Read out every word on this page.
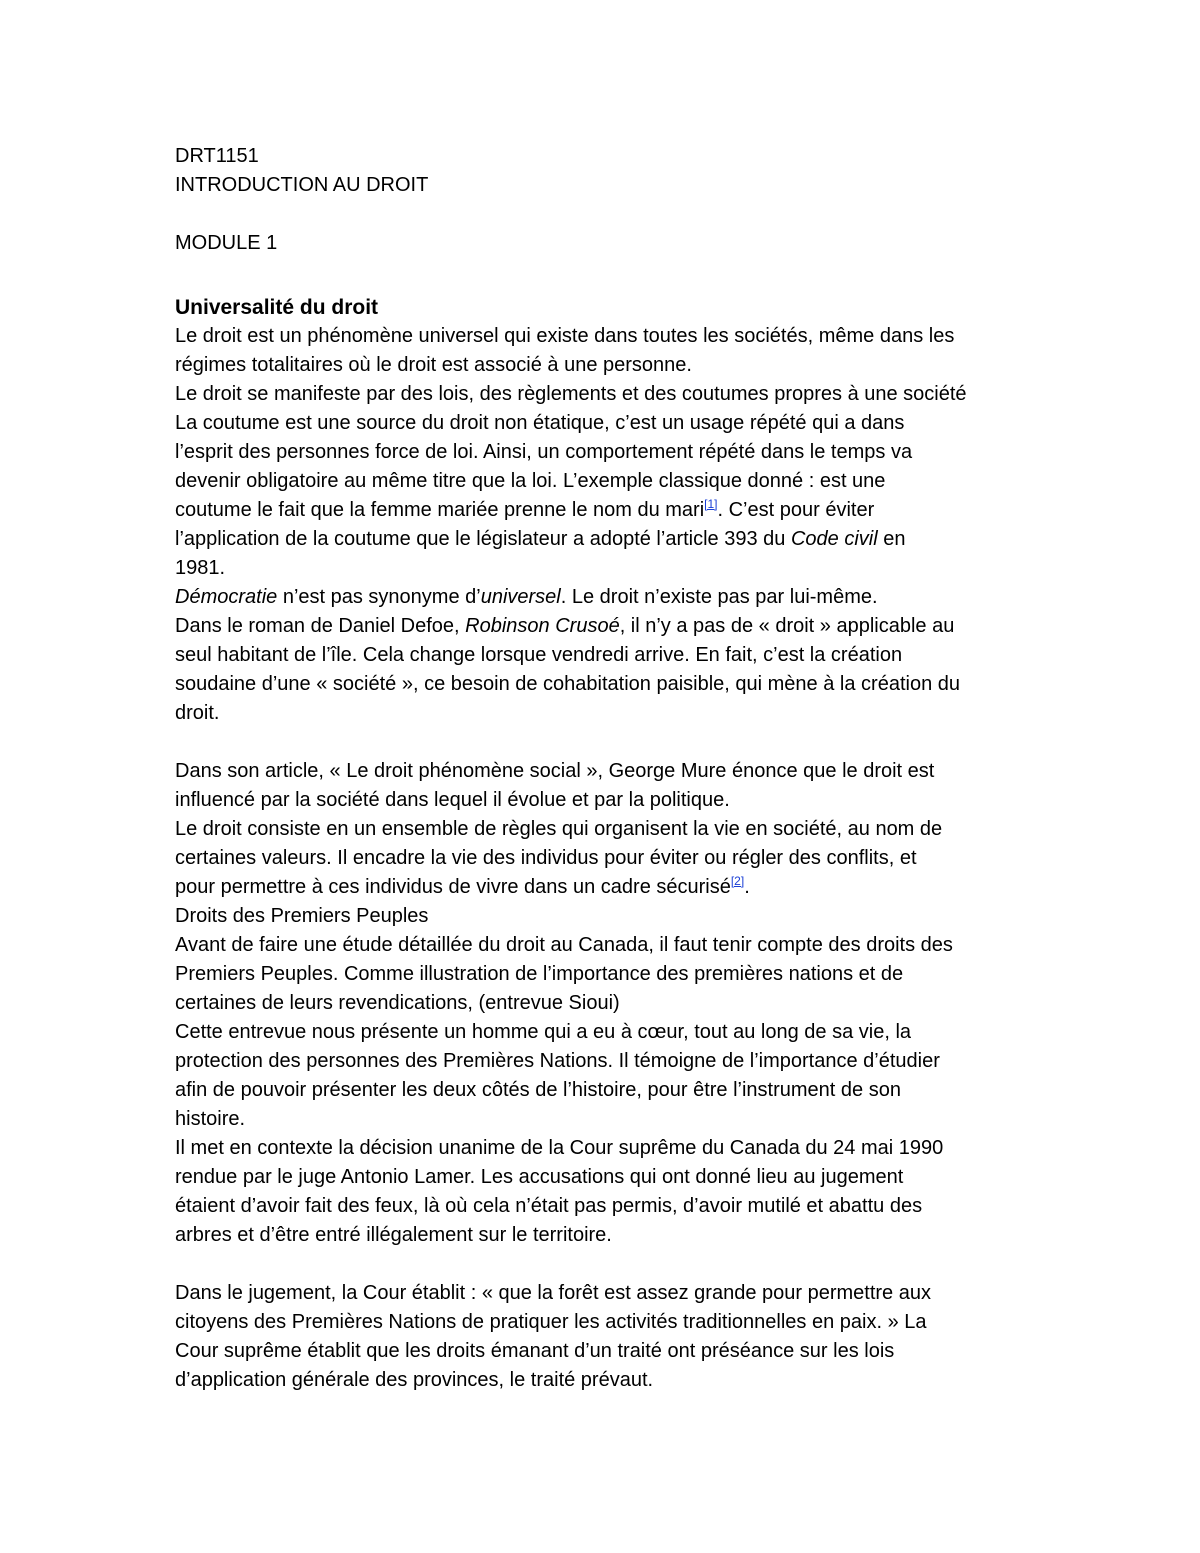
DRT1151
INTRODUCTION AU DROIT
MODULE 1
Universalité du droit
Le droit est un phénomène universel qui existe dans toutes les sociétés, même dans les
régimes totalitaires où le droit est associé à une personne.
Le droit se manifeste par des lois, des règlements et des coutumes propres à une société
La coutume est une source du droit non étatique, c’est un usage répété qui a dans
l’esprit des personnes force de loi. Ainsi, un comportement répété dans le temps va
devenir obligatoire au même titre que la loi. L’exemple classique donné : est une
coutume le fait que la femme mariée prenne le nom du mari[1]. C’est pour éviter
l’application de la coutume que le législateur a adopté l’article 393 du Code civil en
1981.
Démocratie n’est pas synonyme d’universel. Le droit n’existe pas par lui-même.
Dans le roman de Daniel Defoe, Robinson Crusoé, il n’y a pas de « droit » applicable au
seul habitant de l’île. Cela change lorsque vendredi arrive. En fait, c’est la création
soudaine d’une « société », ce besoin de cohabitation paisible, qui mène à la création du
droit.
Dans son article, « Le droit phénomène social », George Mure énonce que le droit est
influencé par la société dans lequel il évolue et par la politique.
Le droit consiste en un ensemble de règles qui organisent la vie en société, au nom de
certaines valeurs. Il encadre la vie des individus pour éviter ou régler des conflits, et
pour permettre à ces individus de vivre dans un cadre sécurisé[2].
Droits des Premiers Peuples
Avant de faire une étude détaillée du droit au Canada, il faut tenir compte des droits des
Premiers Peuples. Comme illustration de l’importance des premières nations et de
certaines de leurs revendications, (entrevue Sioui)
Cette entrevue nous présente un homme qui a eu à cœur, tout au long de sa vie, la
protection des personnes des Premières Nations. Il témoigne de l’importance d’étudier
afin de pouvoir présenter les deux côtés de l’histoire, pour être l’instrument de son
histoire.
Il met en contexte la décision unanime de la Cour suprême du Canada du 24 mai 1990
rendue par le juge Antonio Lamer. Les accusations qui ont donné lieu au jugement
étaient d’avoir fait des feux, là où cela n’était pas permis, d’avoir mutilé et abattu des
arbres et d’être entré illégalement sur le territoire.
Dans le jugement, la Cour établit : « que la forêt est assez grande pour permettre aux
citoyens des Premières Nations de pratiquer les activités traditionnelles en paix. » La
Cour suprême établit que les droits émanant d’un traité ont préséance sur les lois
d’application générale des provinces, le traité prévaut.
